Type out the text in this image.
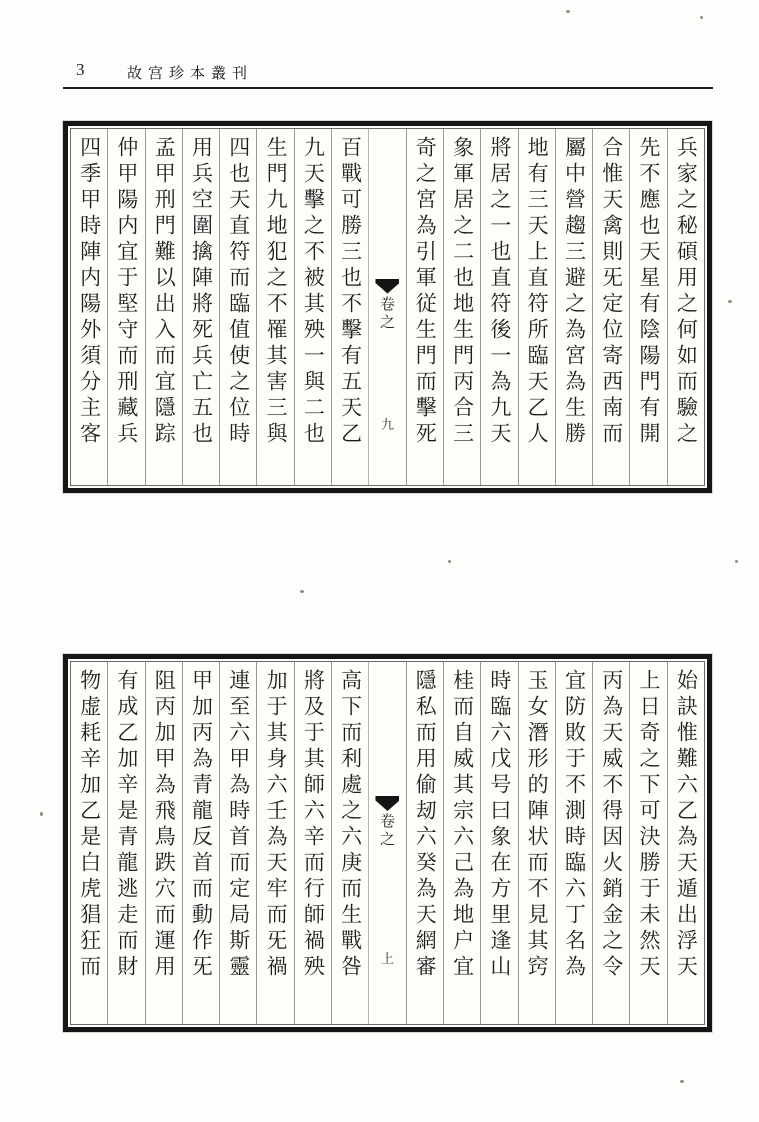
3	故宫珍本叢刊
兵家之秘碩用之何如而驗之
先不應也天星有陰陽門有開
合惟天禽則旡定位寄西南而
屬中營趨三避之為宮為生勝
地有三天上直符所臨天乙人
將居之一也直符後一為九天
象軍居之二也地生門丙合三
奇之宮為引軍従生門而擊死
卷之
九
百戰可勝三也不擊有五天乙
九天擊之不被其殃一與二也
生門九地犯之不罹其害三與
四也天直符而臨值使之位時
用兵空圍擒陣將死兵亡五也
孟甲刑門難以出入而宜隱踪
仲甲陽内宜于堅守而刑藏兵
四季甲時陣内陽外須分主客
始訣惟難六乙為天遁出浮天
上日奇之下可決勝于未然天
丙為天威不得因火銷金之令
宜防敗于不測時臨六丁名為
玉女潛形的陣状而不見其窍
時臨六戊号曰象在方里逢山
桂而自威其宗六己為地户宜
隱私而用偷刼六癸為天網審
卷之
上
高下而利處之六庚而生戰咎
將及于其師六辛而行師禍殃
加于其身六壬為天牢而旡禍
連至六甲為時首而定局斯靈
甲加丙為青龍反首而動作旡
阻丙加甲為飛鳥跌穴而運用
有成乙加辛是青龍逃走而財
物虚耗辛加乙是白虎猖狂而
